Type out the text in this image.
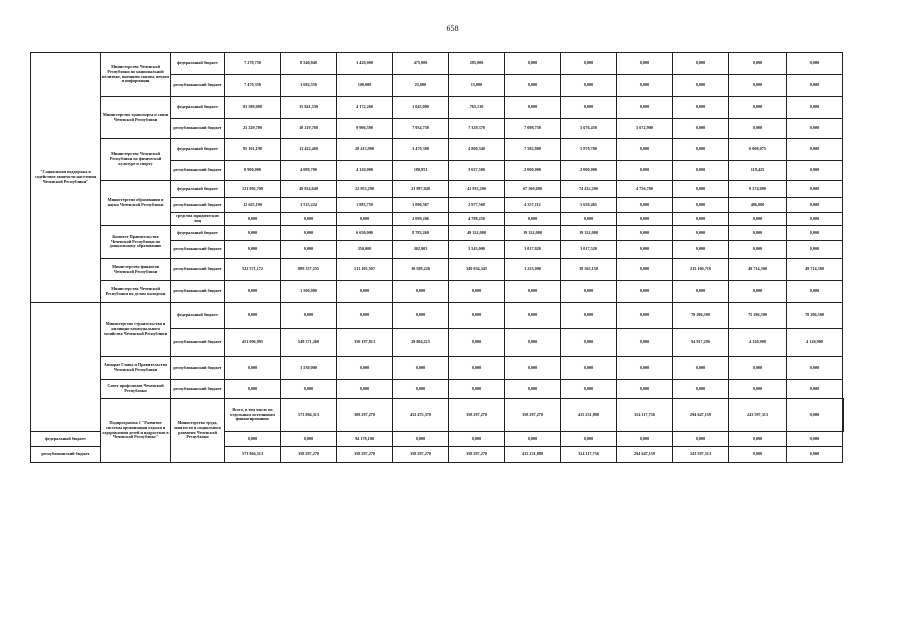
658
"Социальная поддержка и содействие занятости населения Чеченской Республики"	Министерство Чеченской Республики по национальной политике, внешним связям, печати и информации	федеральный бюджет	7 270,750	8 540,040	3 420,000	475,000	285,000	0,000	0,000	0,000	0,000	0,000	0,000	
		республиканский бюджет	7 470,350	3 692,550	100,000	25,000	15,000	0,000	0,000	0,000	0,000	0,000	0,000	
	Министерство транспорта и связи Чеченской Республики	федеральный бюджет	83 580,000	15 841,330	4 172,260	1 045,000	765,130	0,000	0,000	0,000	0,000	0,000	0,000	
		республиканский бюджет	25 229,700	10 219,760	9 906,590	7 954,750	7 329,370	7 098,750	5 676,450	5 672,900	0,000	0,000	0,000	
	Министерство Чеченской Республики по физической культуре и спорту	федеральный бюджет	85 101,198	13 422,460	28 413,900	3 470,300	4 800,340	7 582,800	5 870,700	0,000	0,000	6 068,075	0,000	
		республиканский бюджет	8 900,000	4 089,790	4 120,000	180,953	3 637,500	2 000,000	2 000,000	0,000	0,000	118,425	0,000	
	Министерство образования и науки Чеченской Республики	федеральный бюджет	121 092,709	49 824,640	22 953,290	23 887,040	41 933,200	67 569,680	74 432,200	4 756,700	0,000	9 274,000	0,000	
		республиканский бюджет	12 625,100	3 515,224	1 883,750	3 090,367	2 977,568	4 357,112	5 639,465	0,000	0,000	486,000	0,000	
		средства юридических лиц	0,000	0,000	0,000	2 099,206	4 798,250	0,000	0,000	0,000	0,000	0,000	0,000	
	Комитет Правительства Чеченской Республики по дошкольному образованию	федеральный бюджет	0,000	0,000	6 650,000	8 783,260	49 332,000	19 332,000	19 332,000	0,000	0,000	0,000	0,000	
		республиканский бюджет	0,000	0,000	350,000	302,903	2 543,000	1 017,820	1 017,520	0,000	0,000	0,000	0,000	
	Министерство финансов Чеченской Республики	республиканский бюджет	522 371,172	809 357,255	511 105,507	10 589,226	349 034,345	1 223,090	38 565,150	0,000	235 160,716	49 714,300	49 714,300	
	Министерство Чеченской Республики по делам молодежи	республиканский бюджет	0,000	1 500,000	0,000	0,000	0,000	0,000	0,000	0,000	0,000	0,000	0,000	
	Министерство строительства и жилищно-коммунального хозяйства Чеченской Республики	федеральный бюджет	0,000	0,000	0,000	0,000	0,000	0,000	0,000	0,000	79 296,500	75 296,500	78 296,500	
		республиканский бюджет	451 096,995	549 371,260	350 197,813	29 804,215	0,000	0,000	0,000	0,000	94 917,296	4 120,900	4 120,900	
	Аппарат Главы и Правительства Чеченской Республики	республиканский бюджет	0,000	1 530,000	0,000	0,000	0,000	0,000	0,000	0,000	0,000	0,000	0,000	
	Совет профсоюзов Чеченской Республики	республиканский бюджет	0,000	0,000	0,000	0,000	0,000	0,000	0,000	0,000	0,000	0,000	0,000	
	Подпрограмма 1 "Развитие системы организации отдыха и оздоровления детей и подростков в Чеченской Республике"	Министерство труда, занятости и социального развития Чеченской Республики	Всего, в том числе по отдельным источникам финансирования:	573 804,313	388 297,270	452 475,370	358 297,270	358 297,270	415 231,880	354 117,736	294 647,159	243 597,313	0,000	
федеральный бюджет			0,000	0,000	94 178,100	0,000	0,000	0,000	0,000	0,000	0,000	0,000	0,000	
республиканский бюджет			573 804,313	358 297,270	358 297,270	358 297,270	358 297,270	415 231,880	354 117,736	294 647,159	243 597,313	0,000	0,000	
